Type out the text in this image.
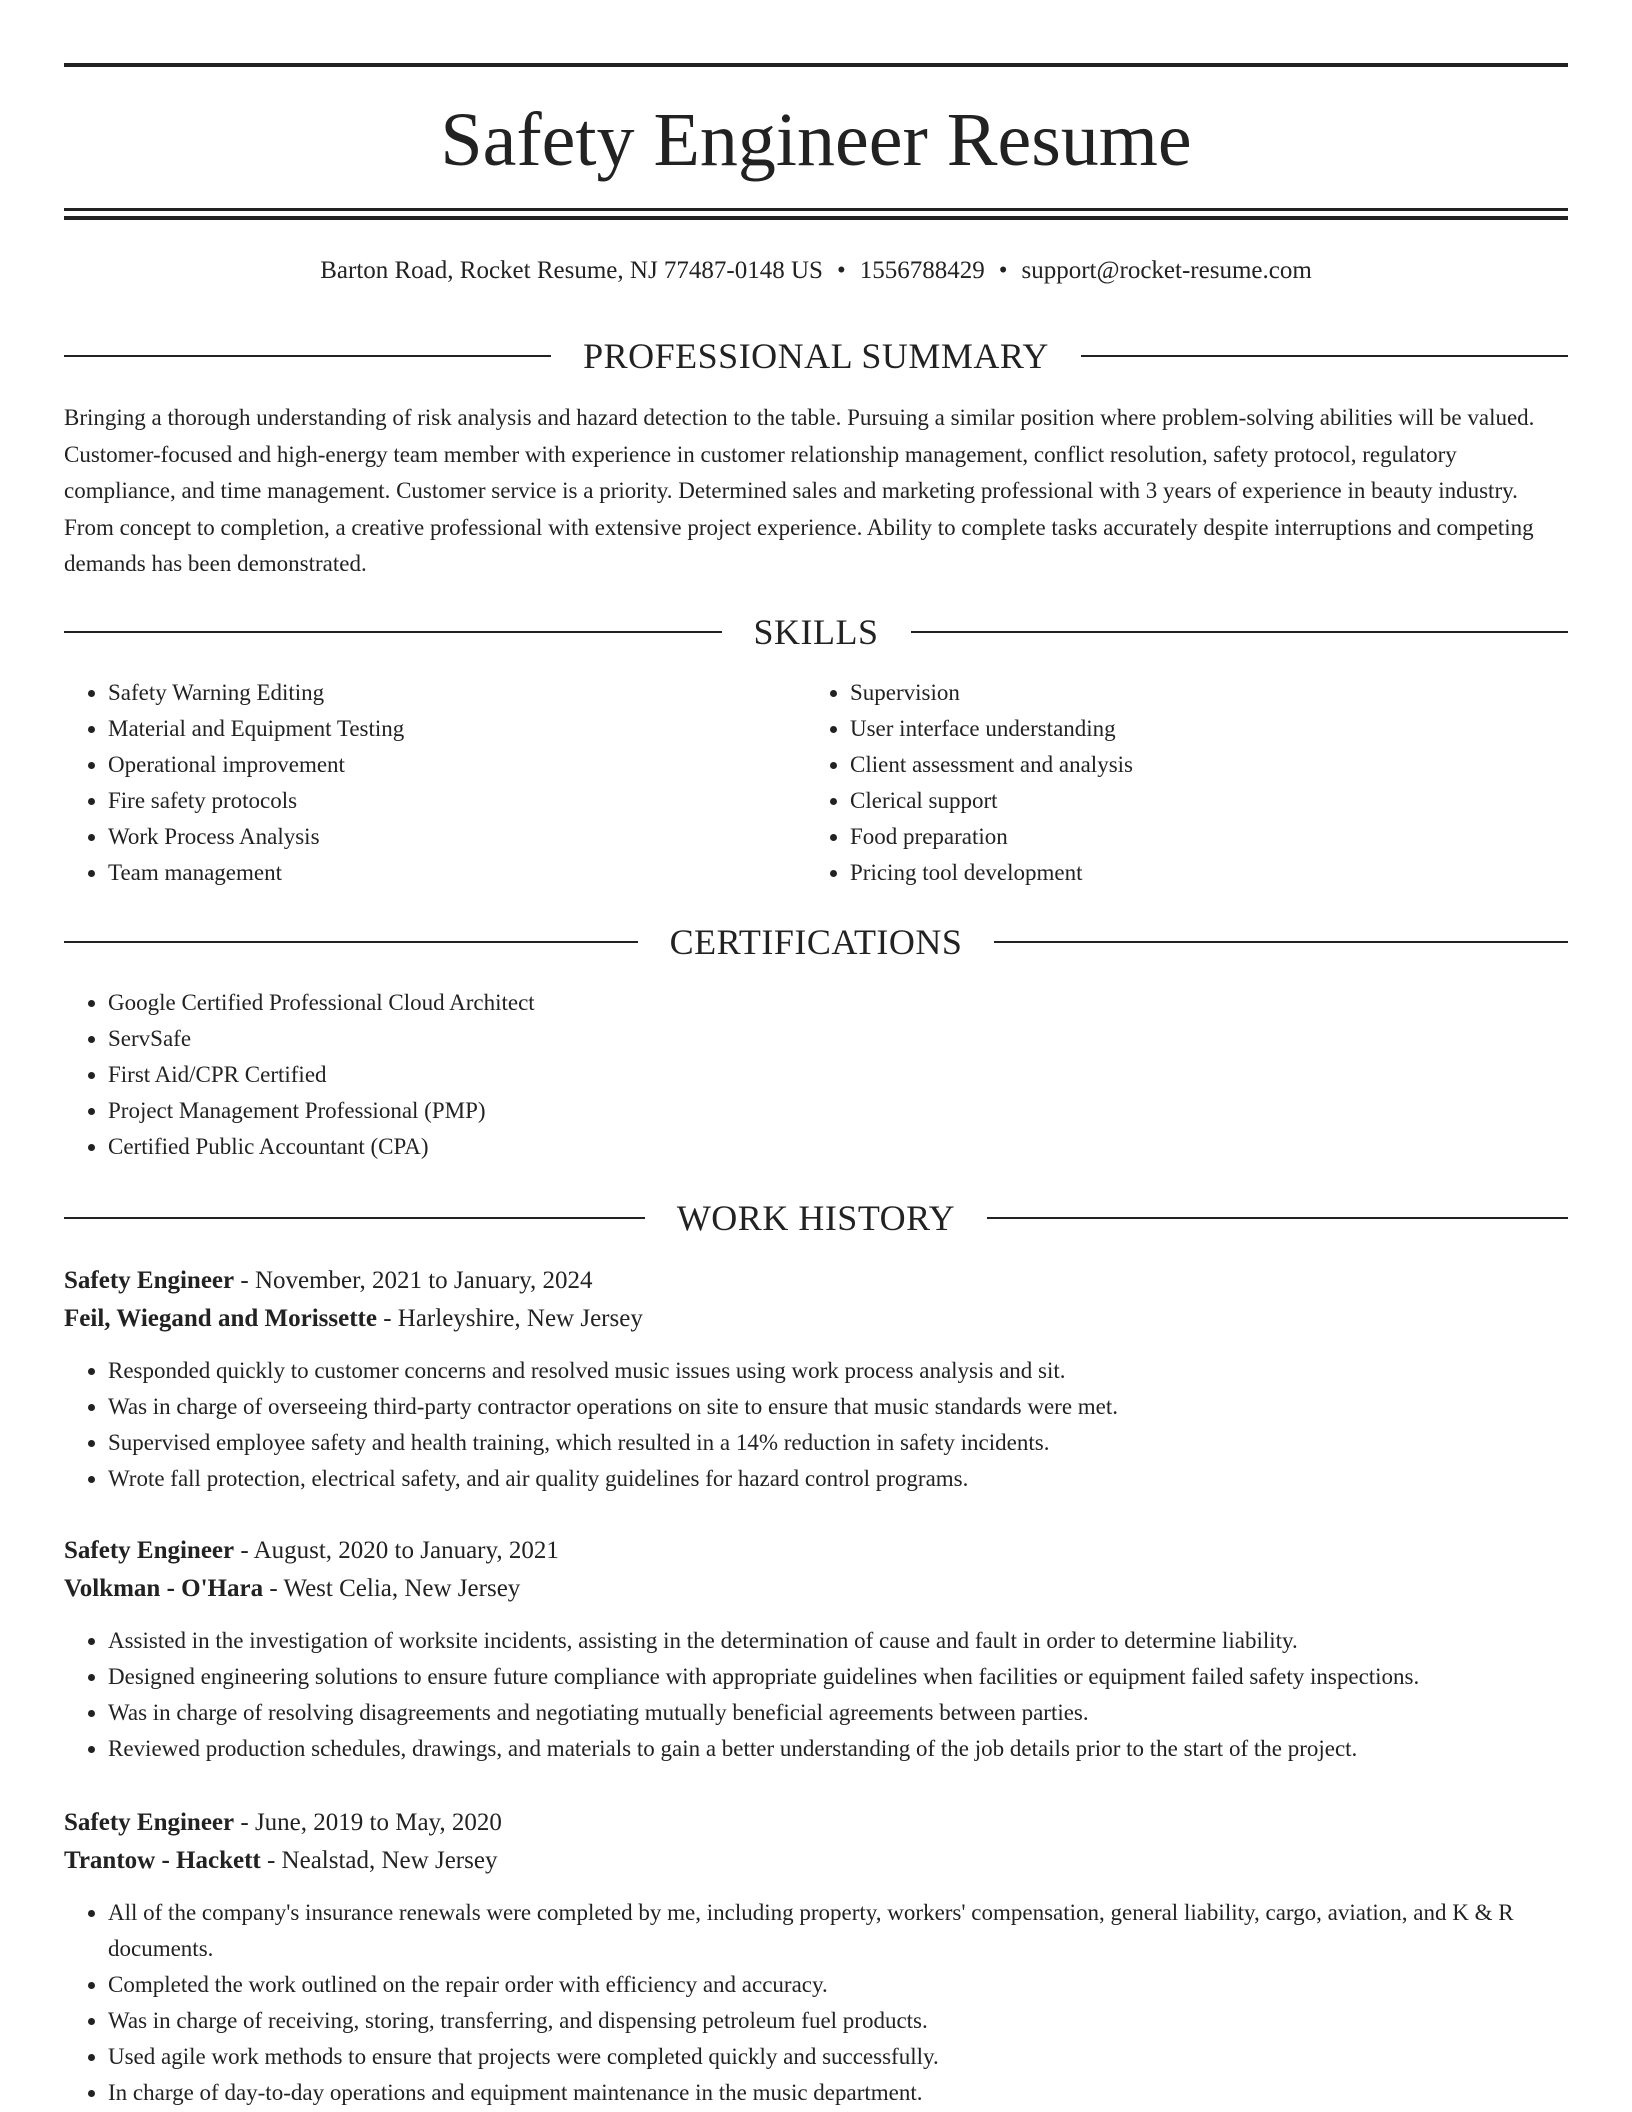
Safety Engineer Resume
Barton Road, Rocket Resume, NJ 77487-0148 US • 1556788429 • support@rocket-resume.com
PROFESSIONAL SUMMARY

Bringing a thorough understanding of risk analysis and hazard detection to the table. Pursuing a similar position where problem-solving abilities will be valued. Customer-focused and high-energy team member with experience in customer relationship management, conflict resolution, safety protocol, regulatory compliance, and time management. Customer service is a priority. Determined sales and marketing professional with 3 years of experience in beauty industry. From concept to completion, a creative professional with extensive project experience. Ability to complete tasks accurately despite interruptions and competing demands has been demonstrated.

SKILLS
• Safety Warning Editing
• Material and Equipment Testing
• Operational improvement
• Fire safety protocols
• Work Process Analysis
• Team management
• Supervision
• User interface understanding
• Client assessment and analysis
• Clerical support
• Food preparation
• Pricing tool development
CERTIFICATIONS
• Google Certified Professional Cloud Architect
• ServSafe
• First Aid/CPR Certified
• Project Management Professional (PMP)
• Certified Public Accountant (CPA)
WORK HISTORY
Safety Engineer - November, 2021 to January, 2024
Feil, Wiegand and Morissette - Harleyshire, New Jersey
• Responded quickly to customer concerns and resolved music issues using work process analysis and sit.
• Was in charge of overseeing third-party contractor operations on site to ensure that music standards were met.
• Supervised employee safety and health training, which resulted in a 14% reduction in safety incidents.
• Wrote fall protection, electrical safety, and air quality guidelines for hazard control programs.
Safety Engineer - August, 2020 to January, 2021
Volkman - O'Hara - West Celia, New Jersey
• Assisted in the investigation of worksite incidents, assisting in the determination of cause and fault in order to determine liability.
• Designed engineering solutions to ensure future compliance with appropriate guidelines when facilities or equipment failed safety inspections.
• Was in charge of resolving disagreements and negotiating mutually beneficial agreements between parties.
• Reviewed production schedules, drawings, and materials to gain a better understanding of the job details prior to the start of the project.
Safety Engineer - June, 2019 to May, 2020
Trantow - Hackett - Nealstad, New Jersey
• All of the company's insurance renewals were completed by me, including property, workers' compensation, general liability, cargo, aviation, and K & R documents.
• Completed the work outlined on the repair order with efficiency and accuracy.
• Was in charge of receiving, storing, transferring, and dispensing petroleum fuel products.
• Used agile work methods to ensure that projects were completed quickly and successfully.
• In charge of day-to-day operations and equipment maintenance in the music department.
